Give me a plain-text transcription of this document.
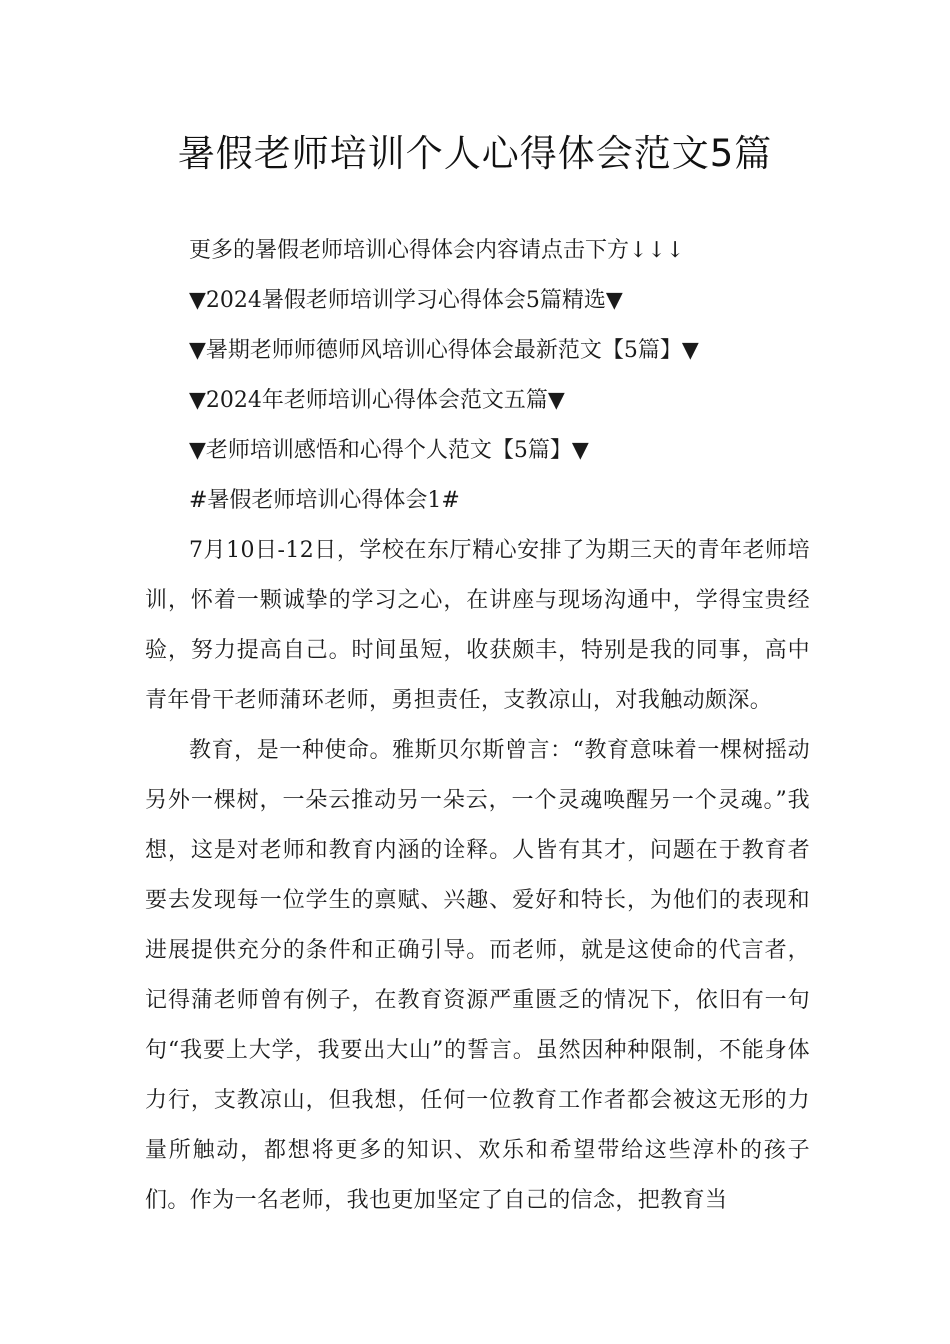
暑假老师培训个人心得体会范文5篇

更多的暑假老师培训心得体会内容请点击下方↓↓↓

▼2024暑假老师培训学习心得体会5篇精选▼

▼暑期老师师德师风培训心得体会最新范文【5篇】▼

▼2024年老师培训心得体会范文五篇▼

▼老师培训感悟和心得个人范文【5篇】▼

#暑假老师培训心得体会1#

7月10日-12日，学校在东厅精心安排了为期三天的青年老师培训，怀着一颗诚挚的学习之心，在讲座与现场沟通中，学得宝贵经验，努力提高自己。时间虽短，收获颇丰，特别是我的同事，高中青年骨干老师蒲环老师，勇担责任，支教凉山，对我触动颇深。

教育，是一种使命。雅斯贝尔斯曾言：“教育意味着一棵树摇动另外一棵树，一朵云推动另一朵云，一个灵魂唤醒另一个灵魂。”我想，这是对老师和教育内涵的诠释。人皆有其才，问题在于教育者要去发现每一位学生的禀赋、兴趣、爱好和特长，为他们的表现和进展提供充分的条件和正确引导。而老师，就是这使命的代言者，记得蒲老师曾有例子，在教育资源严重匮乏的情况下，依旧有一句句“我要上大学，我要出大山”的誓言。虽然因种种限制，不能身体力行，支教凉山，但我想，任何一位教育工作者都会被这无形的力量所触动，都想将更多的知识、欢乐和希望带给这些淳朴的孩子们。作为一名老师，我也更加坚定了自己的信念，把教育当
